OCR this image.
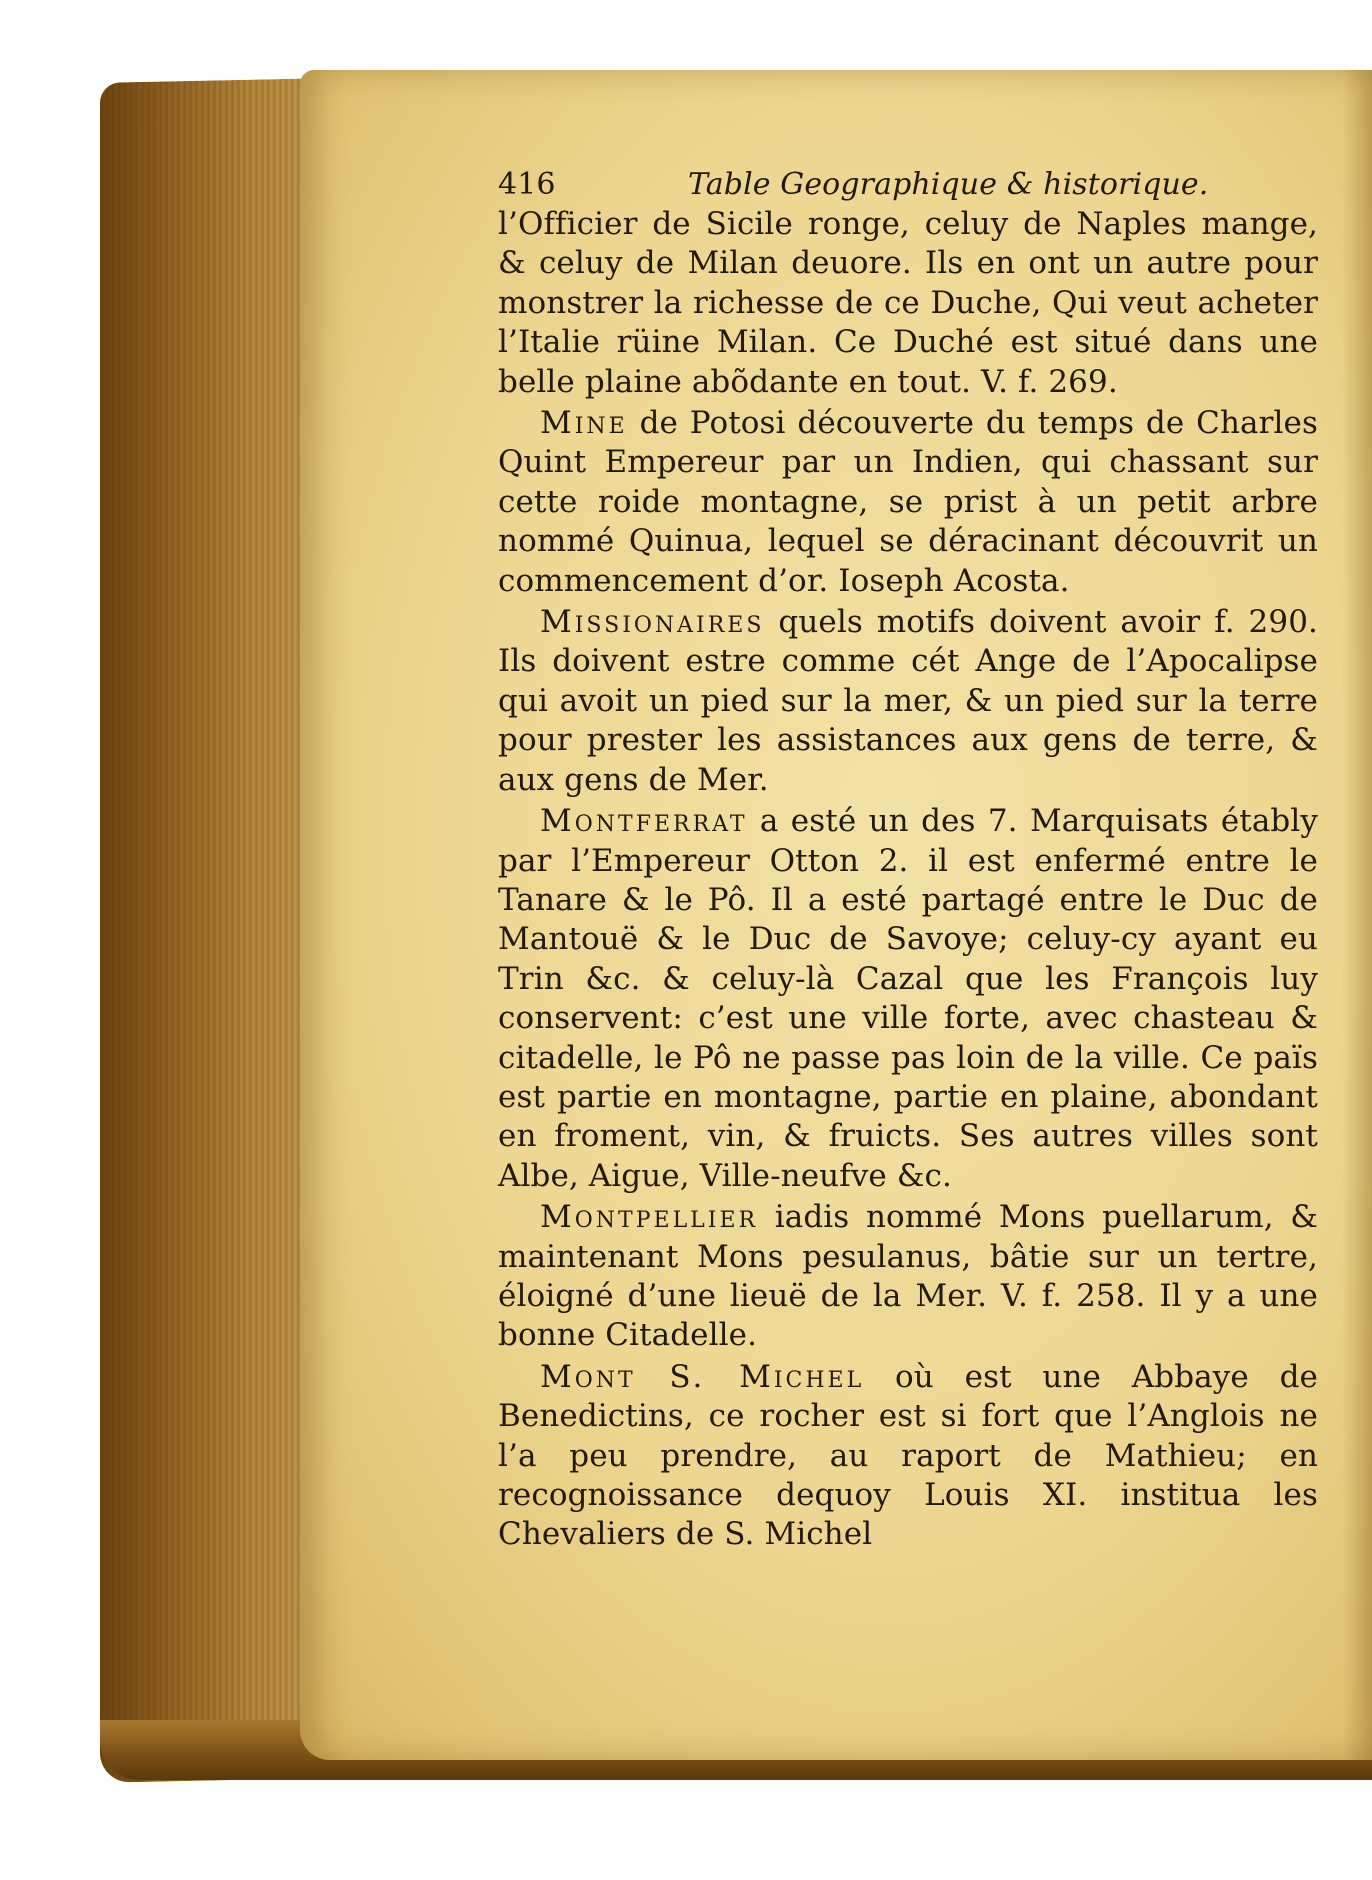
416	Table Geographique & historique.

l’Officier de Sicile ronge, celuy de Naples mange, & celuy de Milan deuore. Ils en ont un autre pour monstrer la richesse de ce Duche, Qui veut acheter l’Italie rüine Milan. Ce Duché est situé dans une belle plaine abõdante en tout. V. f. 269.

Mine de Potosi découverte du temps de Charles Quint Empereur par un Indien, qui chassant sur cette roide montagne, se prist à un petit arbre nommé Quinua, lequel se déracinant découvrit un commencement d’or. Ioseph Acosta.

Missionaires quels motifs doivent avoir f. 290. Ils doivent estre comme cét Ange de l’Apocalipse qui avoit un pied sur la mer, & un pied sur la terre pour prester les assistances aux gens de terre, & aux gens de Mer.

Montferrat a esté un des 7. Marquisats étably par l’Empereur Otton 2. il est enfermé entre le Tanare & le Pô. Il a esté partagé entre le Duc de Mantouë & le Duc de Savoye; celuy-cy ayant eu Trin &c. & celuy-là Cazal que les François luy conservent: c’est une ville forte, avec chasteau & citadelle, le Pô ne passe pas loin de la ville. Ce païs est partie en montagne, partie en plaine, abondant en froment, vin, & fruicts. Ses autres villes sont Albe, Aigue, Ville-neufve &c.

Montpellier iadis nommé Mons puellarum, & maintenant Mons pesulanus, bâtie sur un tertre, éloigné d’une lieuë de la Mer. V. f. 258. Il y a une bonne Citadelle.

Mont S. Michel où est une Abbaye de Benedictins, ce rocher est si fort que l’Anglois ne l’a peu prendre, au raport de Mathieu; en recognoissance dequoy Louis XI. institua les Chevaliers de S. Michel
